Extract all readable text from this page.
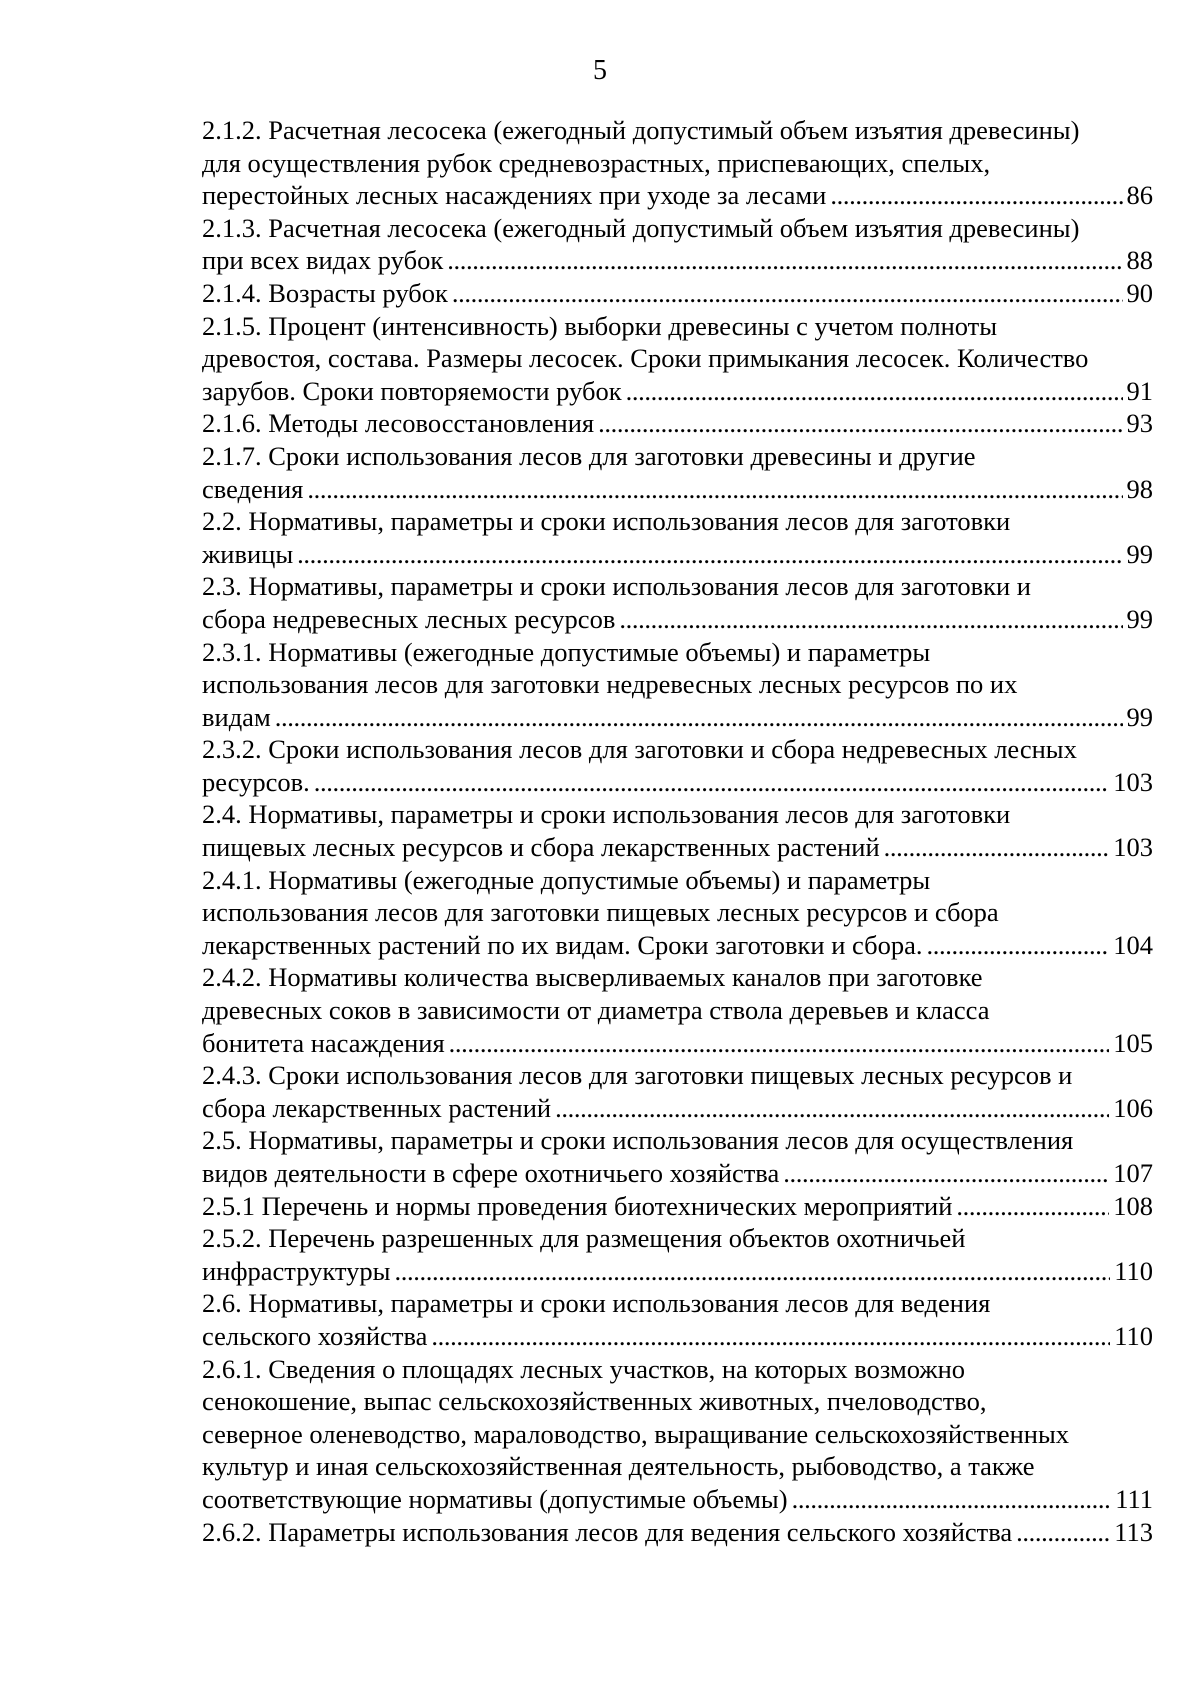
5
2.1.2. Расчетная лесосека (ежегодный допустимый объем изъятия древесины)
для осуществления рубок средневозрастных, приспевающих, спелых,
перестойных лесных насаждениях при уходе за лесами . . .	86
2.1.3. Расчетная лесосека (ежегодный допустимый объем изъятия древесины)
при всех видах рубок . . .	88
2.1.4. Возрасты рубок . . .	90
2.1.5. Процент (интенсивность) выборки древесины с учетом полноты
древостоя, состава. Размеры лесосек. Сроки примыкания лесосек. Количество
зарубов. Сроки повторяемости рубок . . .	91
2.1.6. Методы лесовосстановления . . .	93
2.1.7. Сроки использования лесов для заготовки древесины и другие
сведения . . .	98
2.2. Нормативы, параметры и сроки использования лесов для заготовки
живицы . . .	99
2.3. Нормативы, параметры и сроки использования лесов для заготовки и
сбора недревесных лесных ресурсов . . .	99
2.3.1. Нормативы (ежегодные допустимые объемы) и параметры
использования лесов для заготовки недревесных лесных ресурсов по их
видам . . .	99
2.3.2. Сроки использования лесов для заготовки и сбора недревесных лесных
ресурсов. . . .	103
2.4. Нормативы, параметры и сроки использования лесов для заготовки
пищевых лесных ресурсов и сбора лекарственных растений . . .	103
2.4.1. Нормативы (ежегодные допустимые объемы) и параметры
использования лесов для заготовки пищевых лесных ресурсов и сбора
лекарственных растений по их видам. Сроки заготовки и сбора. . . .	104
2.4.2. Нормативы количества высверливаемых каналов при заготовке
древесных соков в зависимости от диаметра ствола деревьев и класса
бонитета насаждения . . .	105
2.4.3. Сроки использования лесов для заготовки пищевых лесных ресурсов и
сбора лекарственных растений . . .	106
2.5. Нормативы, параметры и сроки использования лесов для осуществления
видов деятельности в сфере охотничьего хозяйства . . .	107
2.5.1 Перечень и нормы проведения биотехнических мероприятий . . .	108
2.5.2. Перечень разрешенных для размещения объектов охотничьей
инфраструктуры . . .	110
2.6. Нормативы, параметры и сроки использования лесов для ведения
сельского хозяйства . . .	110
2.6.1. Сведения о площадях лесных участков, на которых возможно
сенокошение, выпас сельскохозяйственных животных, пчеловодство,
северное оленеводство, мараловодство, выращивание сельскохозяйственных
культур и иная сельскохозяйственная деятельность, рыбоводство, а также
соответствующие нормативы (допустимые объемы) . . .	111
2.6.2. Параметры использования лесов для ведения сельского хозяйства . . .	113
